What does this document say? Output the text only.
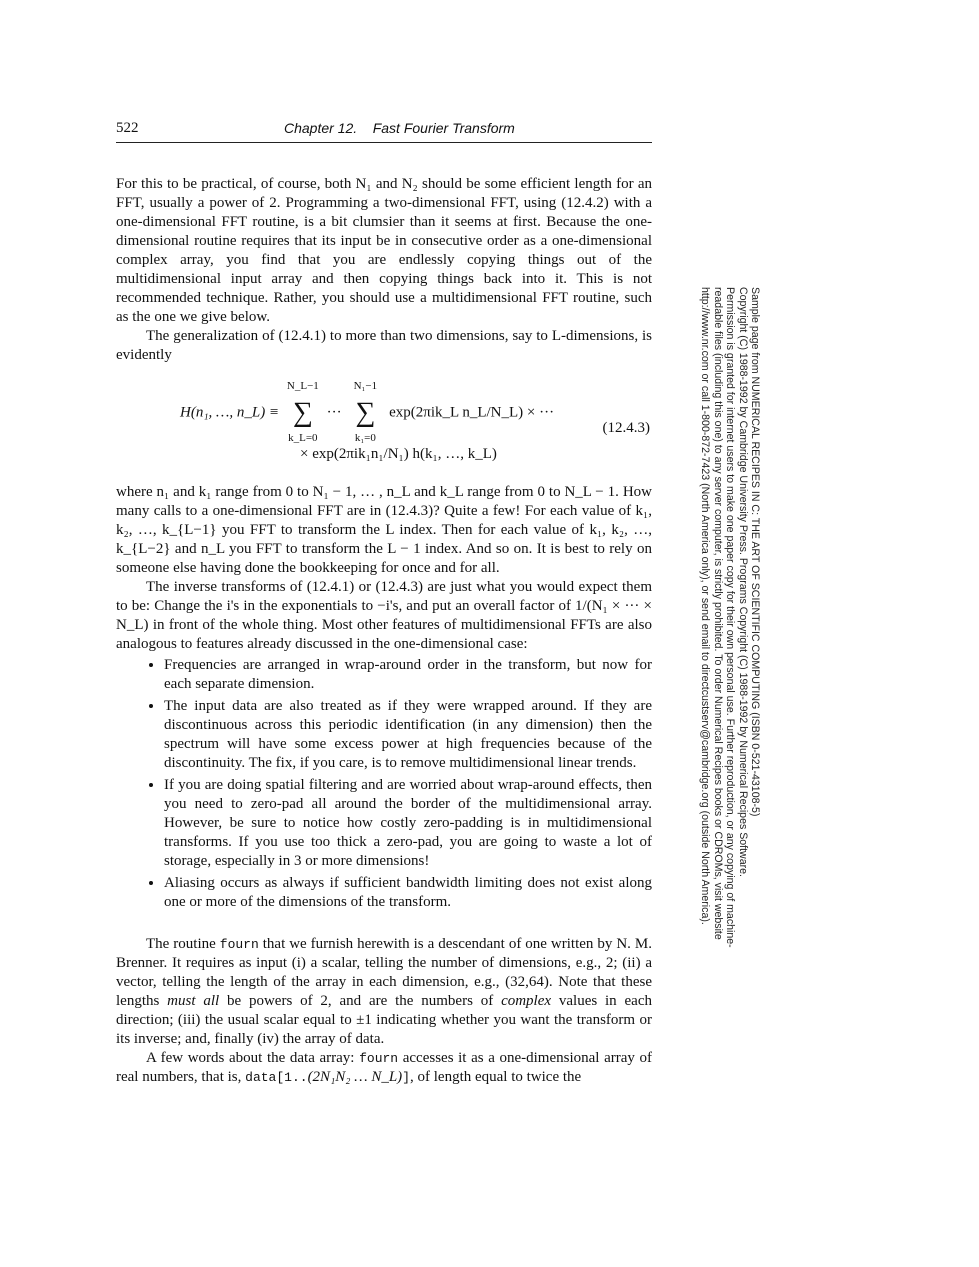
522	Chapter 12.    Fast Fourier Transform

For this to be practical, of course, both N₁ and N₂ should be some efficient length for an FFT, usually a power of 2. Programming a two-dimensional FFT, using (12.4.2) with a one-dimensional FFT routine, is a bit clumsier than it seems at first. Because the one-dimensional routine requires that its input be in consecutive order as a one-dimensional complex array, you find that you are endlessly copying things out of the multidimensional input array and then copying things back into it. This is not recommended technique. Rather, you should use a multidimensional FFT routine, such as the one we give below.

The generalization of (12.4.1) to more than two dimensions, say to L-dimensions, is evidently

H(n₁, …, n_L) ≡
N_L−1
∑
k_L=0
···
N₁−1
∑
k₁=0
exp(2πik_L n_L/N_L) × ···
× exp(2πik₁n₁/N₁) h(k₁, …, k_L)
(12.4.3)

where n₁ and k₁ range from 0 to N₁ − 1, … , n_L and k_L range from 0 to N_L − 1. How many calls to a one-dimensional FFT are in (12.4.3)? Quite a few! For each value of k₁, k₂, …, k_{L−1} you FFT to transform the L index. Then for each value of k₁, k₂, …, k_{L−2} and n_L you FFT to transform the L − 1 index. And so on. It is best to rely on someone else having done the bookkeeping for once and for all.

The inverse transforms of (12.4.1) or (12.4.3) are just what you would expect them to be: Change the i's in the exponentials to −i's, and put an overall factor of 1/(N₁ × ··· × N_L) in front of the whole thing. Most other features of multidimensional FFTs are also analogous to features already discussed in the one-dimensional case:

• Frequencies are arranged in wrap-around order in the transform, but now for each separate dimension.
• The input data are also treated as if they were wrapped around. If they are discontinuous across this periodic identification (in any dimension) then the spectrum will have some excess power at high frequencies because of the discontinuity. The fix, if you care, is to remove multidimensional linear trends.
• If you are doing spatial filtering and are worried about wrap-around effects, then you need to zero-pad all around the border of the multidimensional array. However, be sure to notice how costly zero-padding is in multidimensional transforms. If you use too thick a zero-pad, you are going to waste a lot of storage, especially in 3 or more dimensions!
• Aliasing occurs as always if sufficient bandwidth limiting does not exist along one or more of the dimensions of the transform.

The routine fourn that we furnish herewith is a descendant of one written by N. M. Brenner. It requires as input (i) a scalar, telling the number of dimensions, e.g., 2; (ii) a vector, telling the length of the array in each dimension, e.g., (32,64). Note that these lengths must all be powers of 2, and are the numbers of complex values in each direction; (iii) the usual scalar equal to ±1 indicating whether you want the transform or its inverse; and, finally (iv) the array of data.

A few words about the data array: fourn accesses it as a one-dimensional array of real numbers, that is, data[1..(2N₁N₂ … N_L)], of length equal to twice the

Sample page from NUMERICAL RECIPES IN C: THE ART OF SCIENTIFIC COMPUTING (ISBN 0-521-43108-5)
Copyright (C) 1988-1992 by Cambridge University Press. Programs Copyright (C) 1988-1992 by Numerical Recipes Software.
Permission is granted for internet users to make one paper copy for their own personal use. Further reproduction, or any copying of machine-
readable files (including this one) to any server computer, is strictly prohibited. To order Numerical Recipes books or CDROMs, visit website
http://www.nr.com or call 1-800-872-7423 (North America only), or send email to directcustserv@cambridge.org (outside North America).
